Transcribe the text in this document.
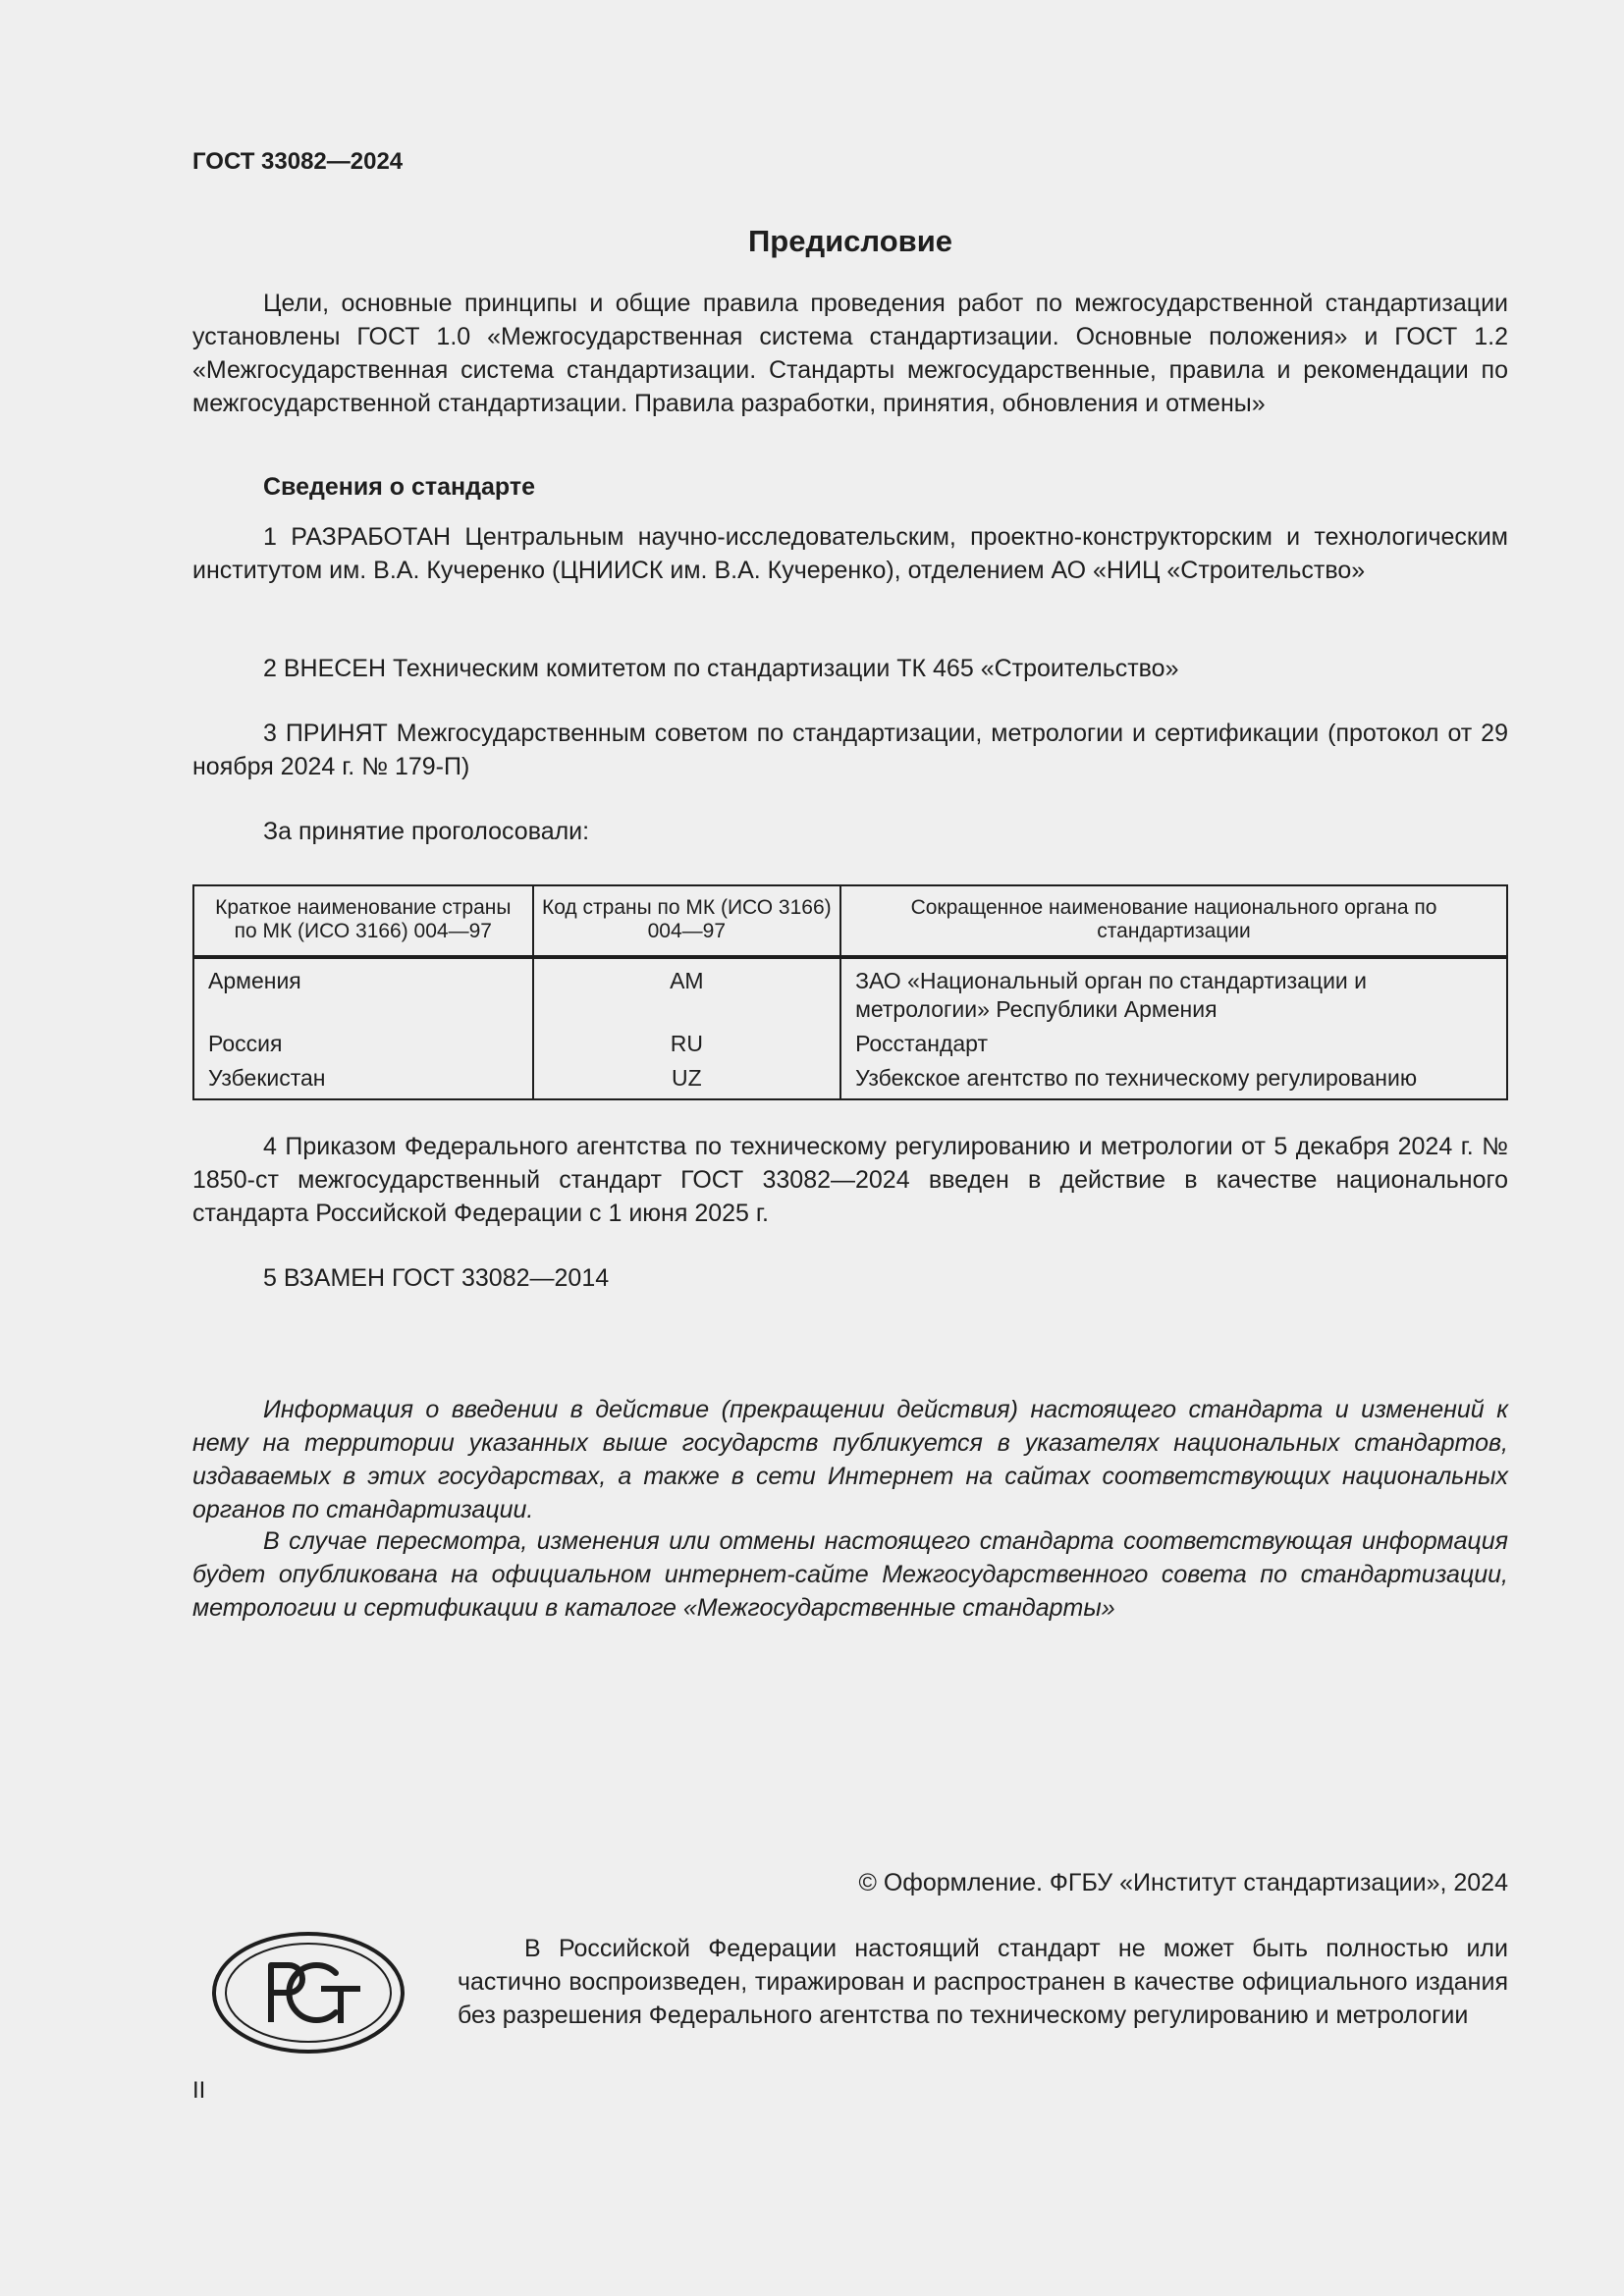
ГОСТ 33082—2024
Предисловие

Цели, основные принципы и общие правила проведения работ по межгосударственной стандартизации установлены ГОСТ 1.0 «Межгосударственная система стандартизации. Основные положения» и ГОСТ 1.2 «Межгосударственная система стандартизации. Стандарты межгосударственные, правила и рекомендации по межгосударственной стандартизации. Правила разработки, принятия, обновления и отмены»

Сведения о стандарте

1 РАЗРАБОТАН Центральным научно-исследовательским, проектно-конструкторским и технологическим институтом им. В.А. Кучеренко (ЦНИИСК им. В.А. Кучеренко), отделением АО «НИЦ «Строительство»

2 ВНЕСЕН Техническим комитетом по стандартизации ТК 465 «Строительство»

3 ПРИНЯТ Межгосударственным советом по стандартизации, метрологии и сертификации (протокол от 29 ноября 2024 г. № 179-П)

За принятие проголосовали:

Краткое наименование страны по МК (ИСО 3166) 004—97	Код страны по МК (ИСО 3166) 004—97	Сокращенное наименование национального органа по стандартизации
Армения	AM	ЗАО «Национальный орган по стандартизации и метрологии» Республики Армения
Россия	RU	Росстандарт
Узбекистан	UZ	Узбекское агентство по техническому регулированию

4 Приказом Федерального агентства по техническому регулированию и метрологии от 5 декабря 2024 г. № 1850-ст межгосударственный стандарт ГОСТ 33082—2024 введен в действие в качестве национального стандарта Российской Федерации с 1 июня 2025 г.

5 ВЗАМЕН ГОСТ 33082—2014

Информация о введении в действие (прекращении действия) настоящего стандарта и изменений к нему на территории указанных выше государств публикуется в указателях национальных стандартов, издаваемых в этих государствах, а также в сети Интернет на сайтах соответствующих национальных органов по стандартизации.

В случае пересмотра, изменения или отмены настоящего стандарта соответствующая информация будет опубликована на официальном интернет-сайте Межгосударственного совета по стандартизации, метрологии и сертификации в каталоге «Межгосударственные стандарты»

© Оформление. ФГБУ «Институт стандартизации», 2024

В Российской Федерации настоящий стандарт не может быть полностью или частично воспроизведен, тиражирован и распространен в качестве официального издания без разрешения Федерального агентства по техническому регулированию и метрологии

II
